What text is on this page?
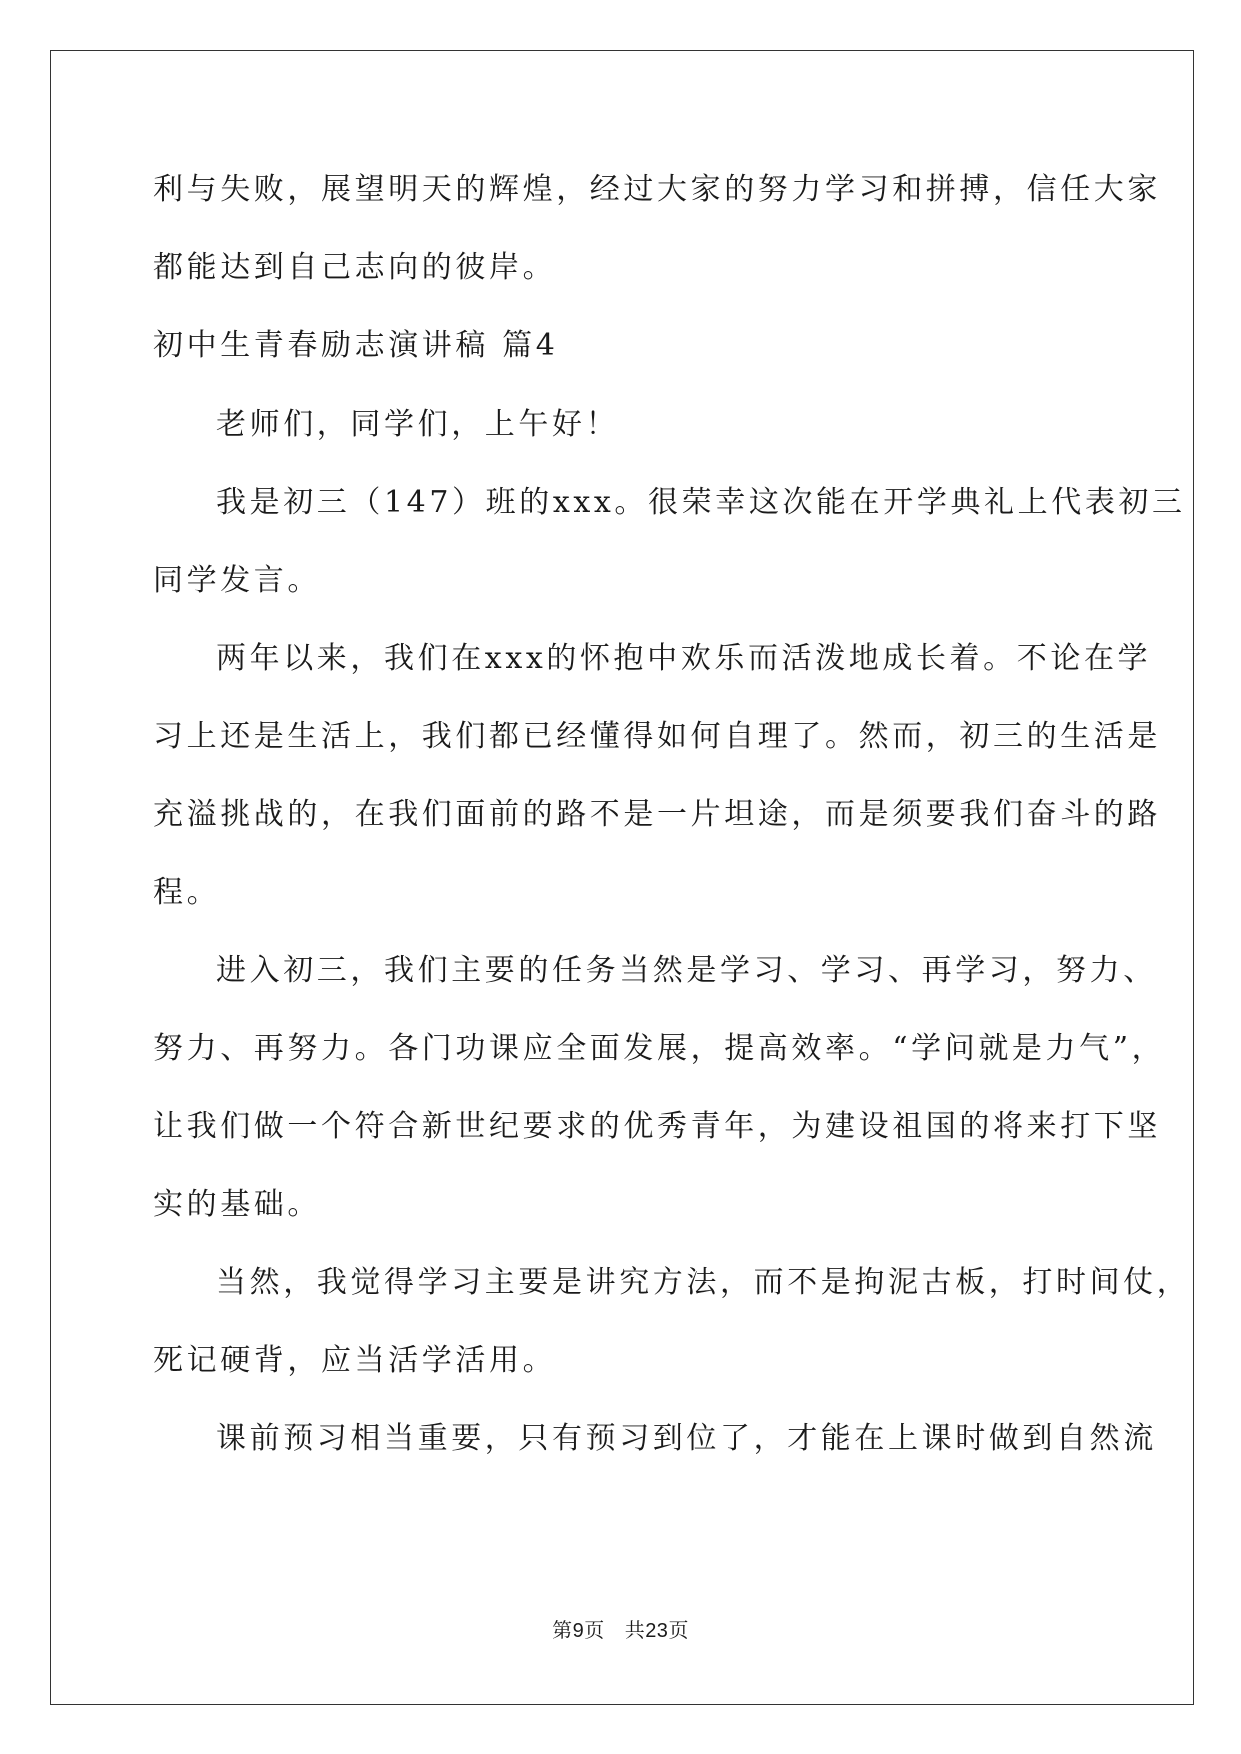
利与失败，展望明天的辉煌，经过大家的努力学习和拼搏，信任大家
都能达到自己志向的彼岸。
初中生青春励志演讲稿 篇4
老师们，同学们，上午好！
我是初三（147）班的xxx。很荣幸这次能在开学典礼上代表初三
同学发言。
两年以来，我们在xxx的怀抱中欢乐而活泼地成长着。不论在学
习上还是生活上，我们都已经懂得如何自理了。然而，初三的生活是
充溢挑战的，在我们面前的路不是一片坦途，而是须要我们奋斗的路
程。
进入初三，我们主要的任务当然是学习、学习、再学习，努力、
努力、再努力。各门功课应全面发展，提高效率。“学问就是力气”，
让我们做一个符合新世纪要求的优秀青年，为建设祖国的将来打下坚
实的基础。
当然，我觉得学习主要是讲究方法，而不是拘泥古板，打时间仗，
死记硬背，应当活学活用。
课前预习相当重要，只有预习到位了，才能在上课时做到自然流
第9页 共23页
